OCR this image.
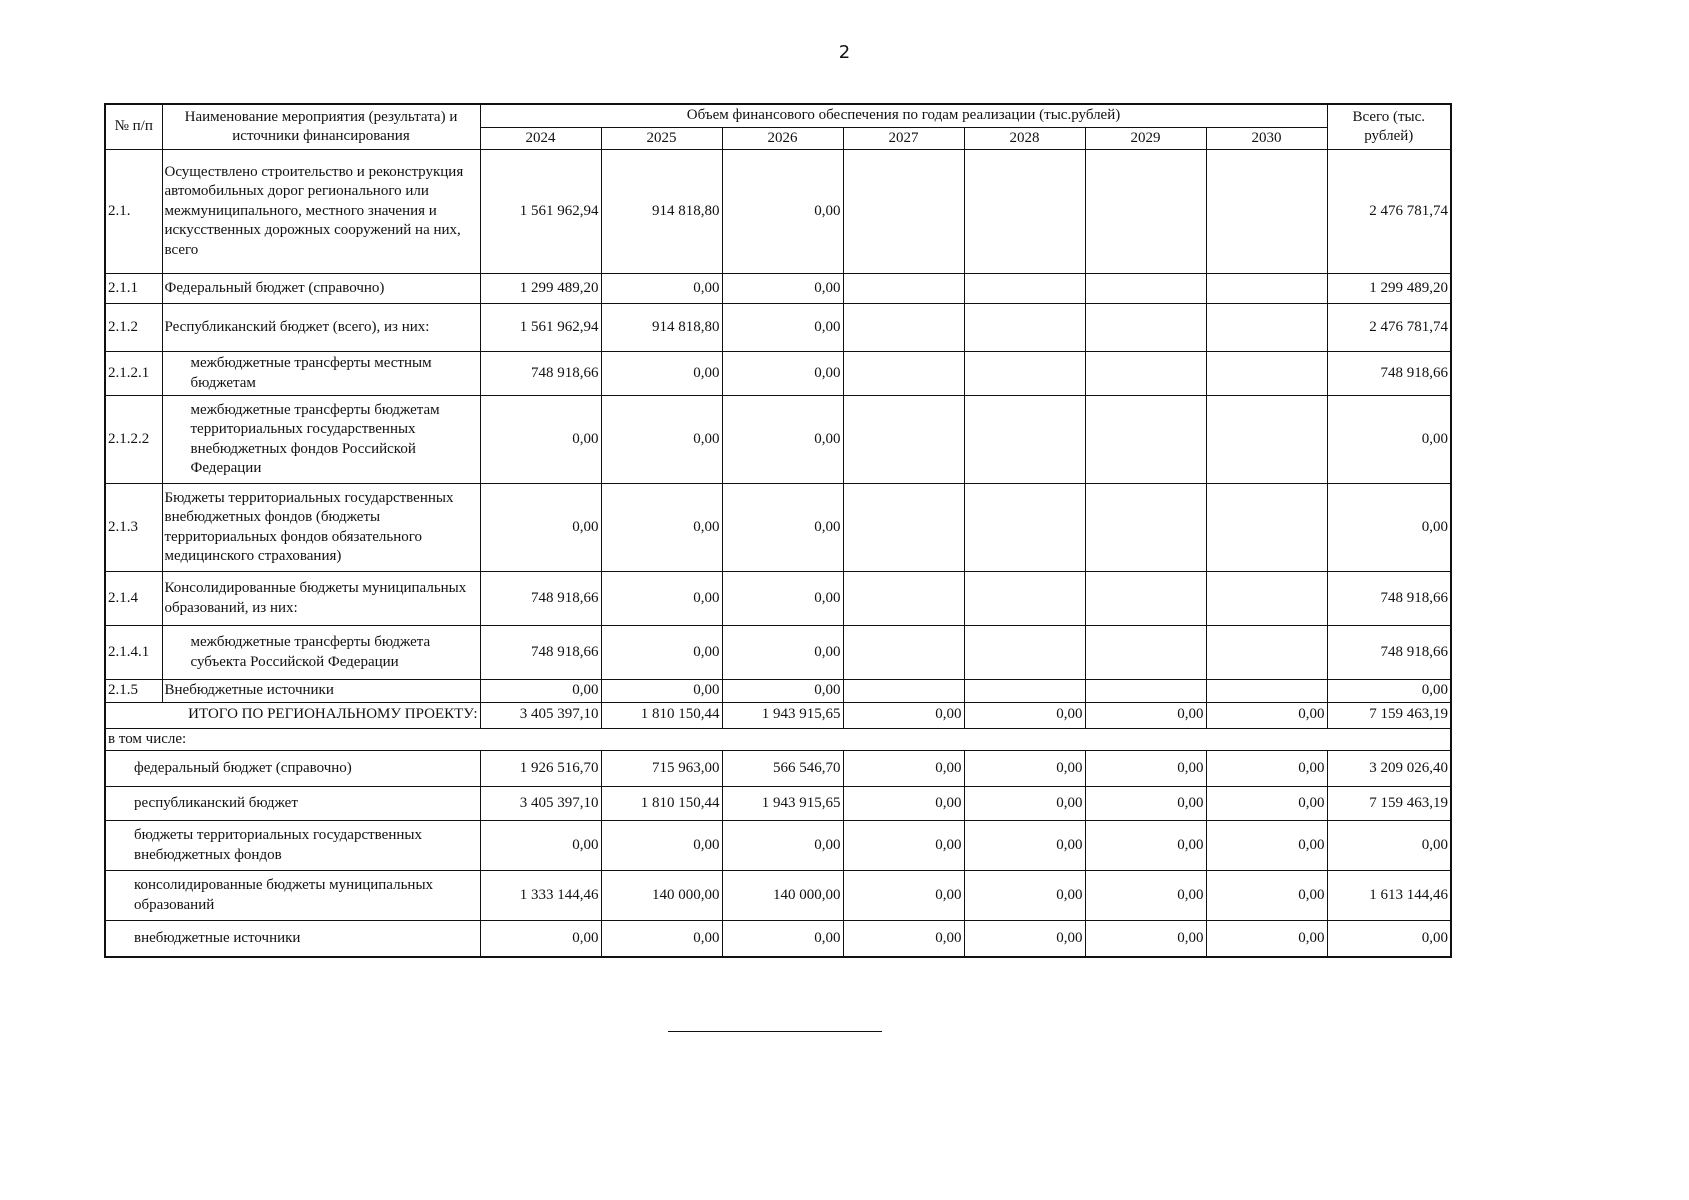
2
№ п/п	Наименование мероприятия (результата) и источники финансирования	Объем финансового обеспечения по годам реализации (тыс.рублей)							Всего (тыс. рублей)
		2024	2025	2026	2027	2028	2029	2030	
2.1.	Осуществлено строительство и реконструкция автомобильных дорог регионального или межмуниципального, местного значения и искусственных дорожных сооружений на них, всего	1 561 962,94	914 818,80	0,00					2 476 781,74
2.1.1	Федеральный бюджет (справочно)	1 299 489,20	0,00	0,00					1 299 489,20
2.1.2	Республиканский бюджет (всего), из них:	1 561 962,94	914 818,80	0,00					2 476 781,74
2.1.2.1	межбюджетные трансферты местным бюджетам	748 918,66	0,00	0,00					748 918,66
2.1.2.2	межбюджетные трансферты бюджетам территориальных государственных внебюджетных фондов Российской Федерации	0,00	0,00	0,00					0,00
2.1.3	Бюджеты территориальных государственных внебюджетных фондов (бюджеты территориальных фондов обязательного медицинского страхования)	0,00	0,00	0,00					0,00
2.1.4	Консолидированные бюджеты муниципальных образований, из них:	748 918,66	0,00	0,00					748 918,66
2.1.4.1	межбюджетные трансферты бюджета субъекта Российской Федерации	748 918,66	0,00	0,00					748 918,66
2.1.5	Внебюджетные источники	0,00	0,00	0,00					0,00
ИТОГО ПО РЕГИОНАЛЬНОМУ ПРОЕКТУ:		3 405 397,10	1 810 150,44	1 943 915,65	0,00	0,00	0,00	0,00	7 159 463,19
в том числе:									
федеральный бюджет (справочно)		1 926 516,70	715 963,00	566 546,70	0,00	0,00	0,00	0,00	3 209 026,40
республиканский бюджет		3 405 397,10	1 810 150,44	1 943 915,65	0,00	0,00	0,00	0,00	7 159 463,19
бюджеты территориальных государственных внебюджетных фондов		0,00	0,00	0,00	0,00	0,00	0,00	0,00	0,00
консолидированные бюджеты муниципальных образований		1 333 144,46	140 000,00	140 000,00	0,00	0,00	0,00	0,00	1 613 144,46
внебюджетные источники		0,00	0,00	0,00	0,00	0,00	0,00	0,00	0,00
